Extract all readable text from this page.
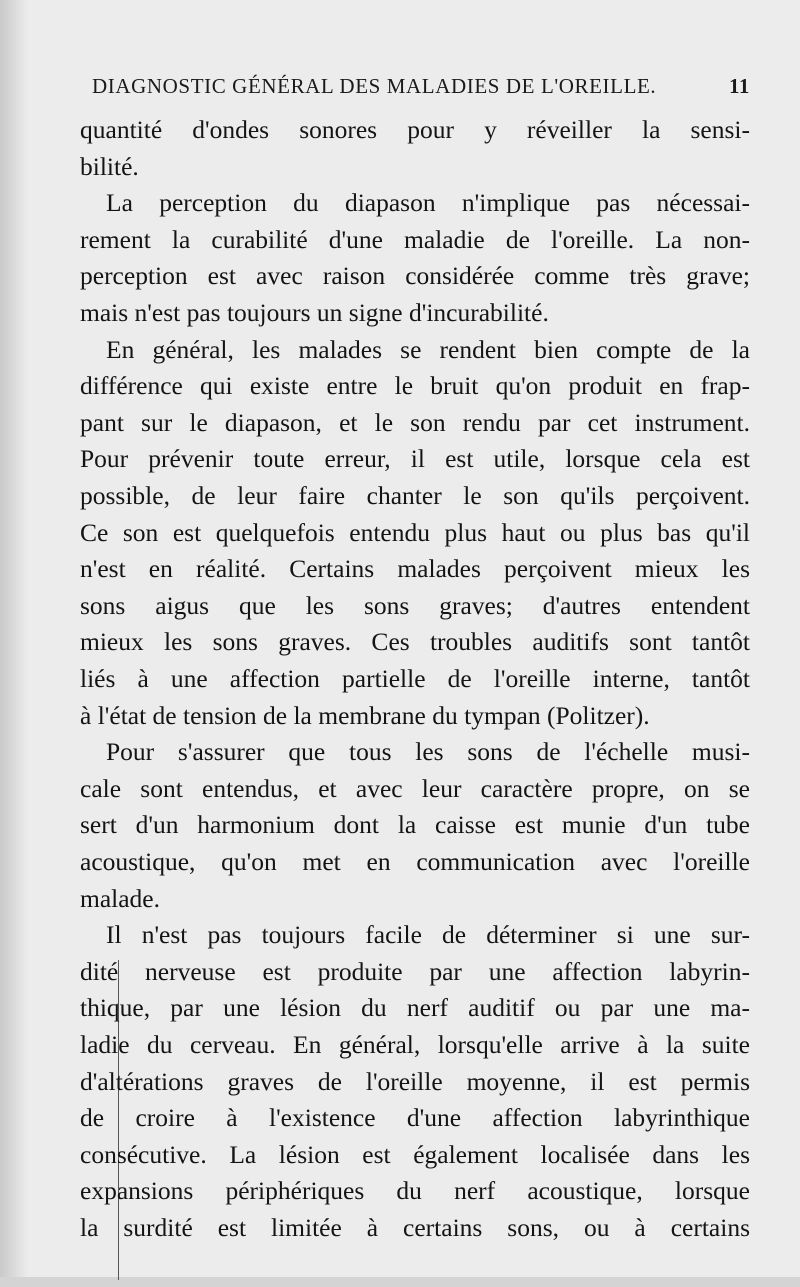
DIAGNOSTIC GÉNÉRAL DES MALADIES DE L'OREILLE.	11
quantité d'ondes sonores pour y réveiller la sensi-
bilité.
La perception du diapason n'implique pas nécessai-
rement la curabilité d'une maladie de l'oreille. La non-
perception est avec raison considérée comme très grave;
mais n'est pas toujours un signe d'incurabilité.
En général, les malades se rendent bien compte de la
différence qui existe entre le bruit qu'on produit en frap-
pant sur le diapason, et le son rendu par cet instrument.
Pour prévenir toute erreur, il est utile, lorsque cela est
possible, de leur faire chanter le son qu'ils perçoivent.
Ce son est quelquefois entendu plus haut ou plus bas qu'il
n'est en réalité. Certains malades perçoivent mieux les
sons aigus que les sons graves; d'autres entendent
mieux les sons graves. Ces troubles auditifs sont tantôt
liés à une affection partielle de l'oreille interne, tantôt
à l'état de tension de la membrane du tympan (Politzer).
Pour s'assurer que tous les sons de l'échelle musi-
cale sont entendus, et avec leur caractère propre, on se
sert d'un harmonium dont la caisse est munie d'un tube
acoustique, qu'on met en communication avec l'oreille
malade.
Il n'est pas toujours facile de déterminer si une sur-
dité nerveuse est produite par une affection labyrin-
thique, par une lésion du nerf auditif ou par une ma-
ladie du cerveau. En général, lorsqu'elle arrive à la suite
d'altérations graves de l'oreille moyenne, il est permis
de croire à l'existence d'une affection labyrinthique
consécutive. La lésion est également localisée dans les
expansions périphériques du nerf acoustique, lorsque
la surdité est limitée à certains sons, ou à certains
